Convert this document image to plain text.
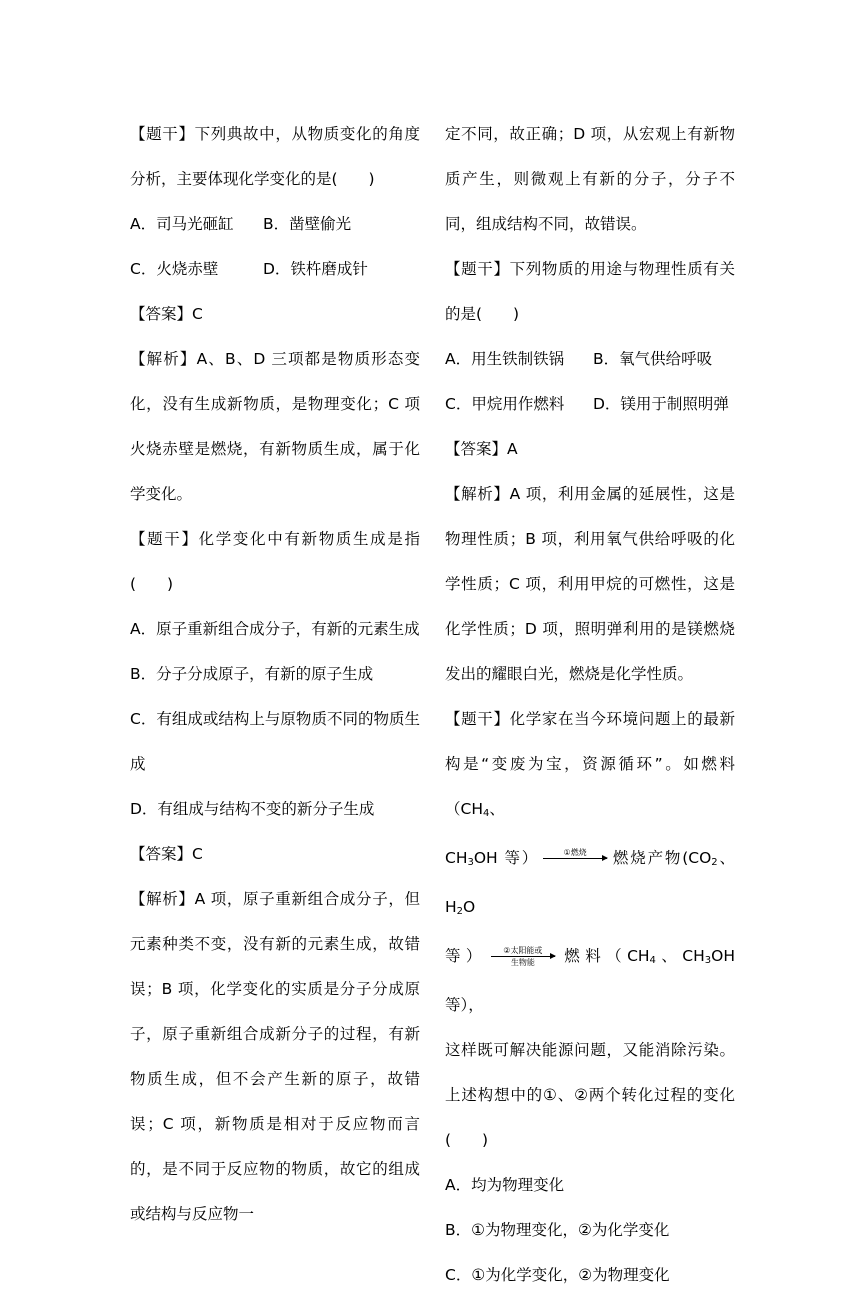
【题干】下列典故中，从物质变化的角度分析，主要体现化学变化的是(　　)

A．司马光砸缸	B．凿壁偷光
C．火烧赤壁	D．铁杵磨成针

【答案】C

【解析】A、B、D 三项都是物质形态变化，没有生成新物质，是物理变化；C 项火烧赤壁是燃烧，有新物质生成，属于化学变化。

【题干】化学变化中有新物质生成是指(　　)

A．原子重新组合成分子，有新的元素生成

B．分子分成原子，有新的原子生成

C．有组成或结构上与原物质不同的物质生成

D．有组成与结构不变的新分子生成

【答案】C

【解析】A 项，原子重新组合成分子，但元素种类不变，没有新的元素生成，故错误；B 项，化学变化的实质是分子分成原子，原子重新组合成新分子的过程，有新物质生成，但不会产生新的原子，故错误；C 项，新物质是相对于反应物而言的，是不同于反应物的物质，故它的组成或结构与反应物一

定不同，故正确；D 项，从宏观上有新物质产生，则微观上有新的分子，分子不同，组成结构不同，故错误。

【题干】下列物质的用途与物理性质有关的是(　　)

A．用生铁制铁锅	B．氧气供给呼吸
C．甲烷用作燃料	D．镁用于制照明弹

【答案】A

【解析】A 项，利用金属的延展性，这是物理性质；B 项，利用氧气供给呼吸的化学性质；C 项，利用甲烷的可燃性，这是化学性质；D 项，照明弹利用的是镁燃烧发出的耀眼白光，燃烧是化学性质。

【题干】化学家在当今环境问题上的最新构是“变废为宝，资源循环”。如燃料（$CH_4$、

$CH_3OH$ 等）	①燃烧
燃烧产物($CO_2$、$H_2O$

等） ②太阳能或
生物能 燃料（$CH_4$、$CH_3OH$ 等），

这样既可解决能源问题，又能消除污染。上述构想中的①、②两个转化过程的变化(　　)

A．均为物理变化

B．①为物理变化，②为化学变化

C．①为化学变化，②为物理变化
